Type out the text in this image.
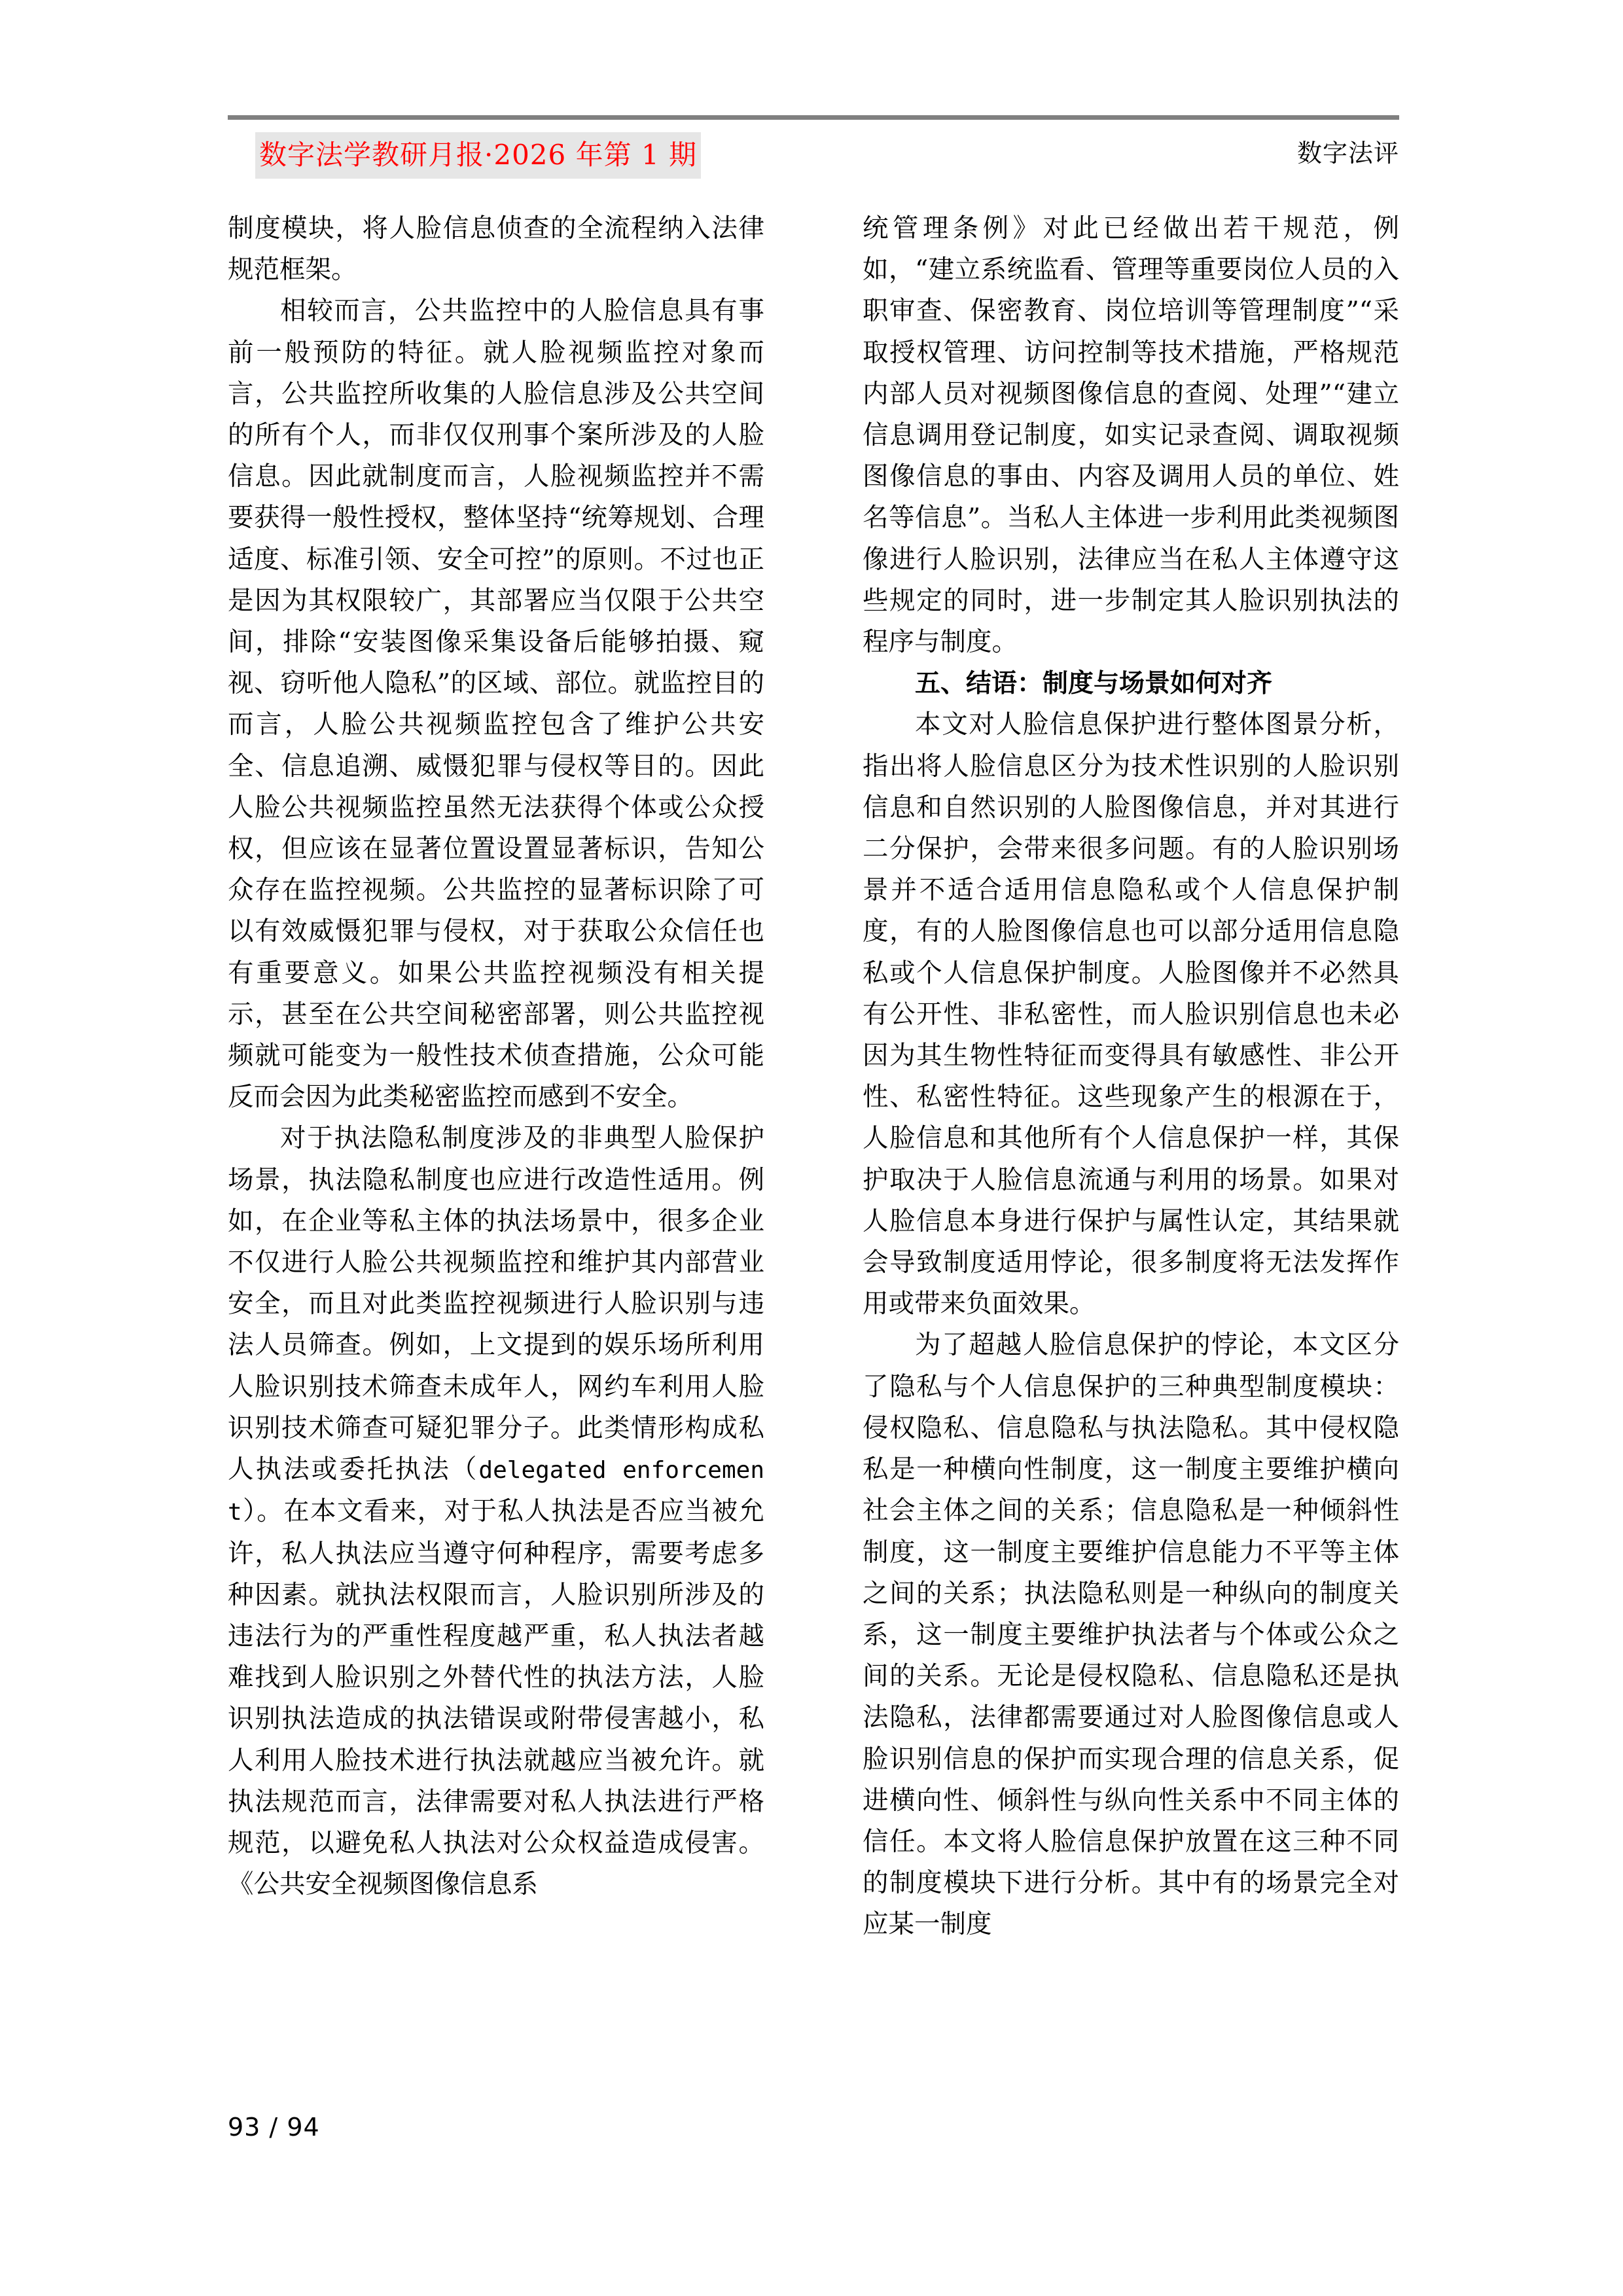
数字法学教研月报·2026 年第 1 期	数字法评

制度模块，将人脸信息侦查的全流程纳入法律规范框架。

相较而言，公共监控中的人脸信息具有事前一般预防的特征。就人脸视频监控对象而言，公共监控所收集的人脸信息涉及公共空间的所有个人，而非仅仅刑事个案所涉及的人脸信息。因此就制度而言，人脸视频监控并不需要获得一般性授权，整体坚持“统筹规划、合理适度、标准引领、安全可控”的原则。不过也正是因为其权限较广，其部署应当仅限于公共空间，排除“安装图像采集设备后能够拍摄、窥视、窃听他人隐私”的区域、部位。就监控目的而言，人脸公共视频监控包含了维护公共安全、信息追溯、威慑犯罪与侵权等目的。因此人脸公共视频监控虽然无法获得个体或公众授权，但应该在显著位置设置显著标识，告知公众存在监控视频。公共监控的显著标识除了可以有效威慑犯罪与侵权，对于获取公众信任也有重要意义。如果公共监控视频没有相关提示，甚至在公共空间秘密部署，则公共监控视频就可能变为一般性技术侦查措施，公众可能反而会因为此类秘密监控而感到不安全。

对于执法隐私制度涉及的非典型人脸保护场景，执法隐私制度也应进行改造性适用。例如，在企业等私主体的执法场景中，很多企业不仅进行人脸公共视频监控和维护其内部营业安全，而且对此类监控视频进行人脸识别与违法人员筛查。例如，上文提到的娱乐场所利用人脸识别技术筛查未成年人，网约车利用人脸识别技术筛查可疑犯罪分子。此类情形构成私人执法或委托执法（delegated enforcement）。在本文看来，对于私人执法是否应当被允许，私人执法应当遵守何种程序，需要考虑多种因素。就执法权限而言，人脸识别所涉及的违法行为的严重性程度越严重，私人执法者越难找到人脸识别之外替代性的执法方法，人脸识别执法造成的执法错误或附带侵害越小，私人利用人脸技术进行执法就越应当被允许。就执法规范而言，法律需要对私人执法进行严格规范，以避免私人执法对公众权益造成侵害。《公共安全视频图像信息系

统管理条例》对此已经做出若干规范，例如，“建立系统监看、管理等重要岗位人员的入职审查、保密教育、岗位培训等管理制度”“采取授权管理、访问控制等技术措施，严格规范内部人员对视频图像信息的查阅、处理”“建立信息调用登记制度，如实记录查阅、调取视频图像信息的事由、内容及调用人员的单位、姓名等信息”。当私人主体进一步利用此类视频图像进行人脸识别，法律应当在私人主体遵守这些规定的同时，进一步制定其人脸识别执法的程序与制度。

五、结语：制度与场景如何对齐

本文对人脸信息保护进行整体图景分析，指出将人脸信息区分为技术性识别的人脸识别信息和自然识别的人脸图像信息，并对其进行二分保护，会带来很多问题。有的人脸识别场景并不适合适用信息隐私或个人信息保护制度，有的人脸图像信息也可以部分适用信息隐私或个人信息保护制度。人脸图像并不必然具有公开性、非私密性，而人脸识别信息也未必因为其生物性特征而变得具有敏感性、非公开性、私密性特征。这些现象产生的根源在于，人脸信息和其他所有个人信息保护一样，其保护取决于人脸信息流通与利用的场景。如果对人脸信息本身进行保护与属性认定，其结果就会导致制度适用悖论，很多制度将无法发挥作用或带来负面效果。

为了超越人脸信息保护的悖论，本文区分了隐私与个人信息保护的三种典型制度模块：侵权隐私、信息隐私与执法隐私。其中侵权隐私是一种横向性制度，这一制度主要维护横向社会主体之间的关系；信息隐私是一种倾斜性制度，这一制度主要维护信息能力不平等主体之间的关系；执法隐私则是一种纵向的制度关系，这一制度主要维护执法者与个体或公众之间的关系。无论是侵权隐私、信息隐私还是执法隐私，法律都需要通过对人脸图像信息或人脸识别信息的保护而实现合理的信息关系，促进横向性、倾斜性与纵向性关系中不同主体的信任。本文将人脸信息保护放置在这三种不同的制度模块下进行分析。其中有的场景完全对应某一制度

93 / 94
